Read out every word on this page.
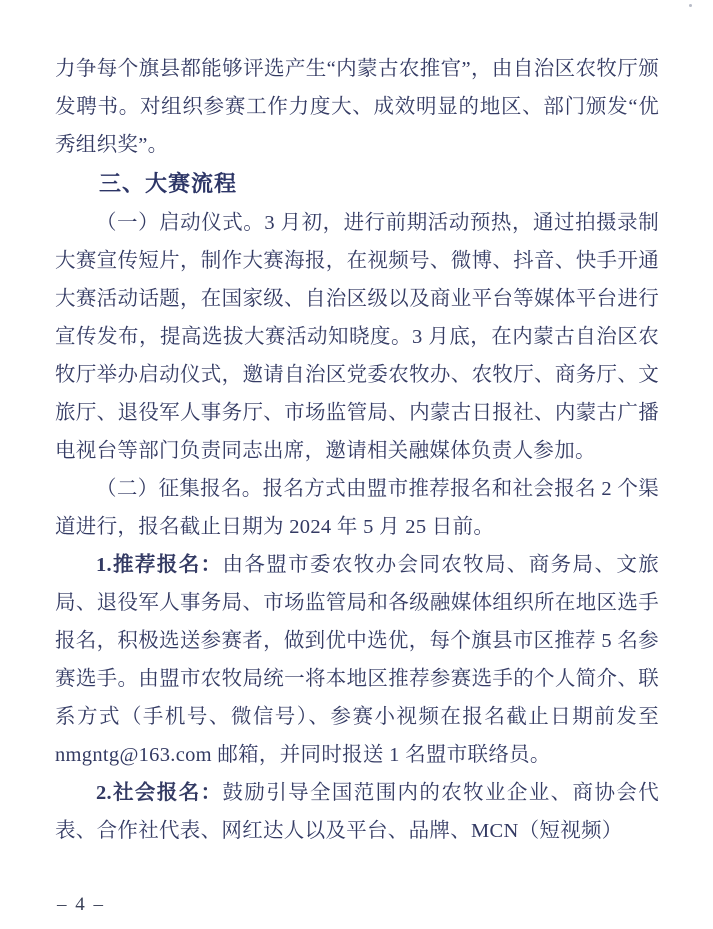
力争每个旗县都能够评选产生“内蒙古农推官”，由自治区农牧厅颁发聘书。对组织参赛工作力度大、成效明显的地区、部门颁发“优秀组织奖”。

三、大赛流程

（一）启动仪式。3 月初，进行前期活动预热，通过拍摄录制大赛宣传短片，制作大赛海报，在视频号、微博、抖音、快手开通大赛活动话题，在国家级、自治区级以及商业平台等媒体平台进行宣传发布，提高选拔大赛活动知晓度。3 月底，在内蒙古自治区农牧厅举办启动仪式，邀请自治区党委农牧办、农牧厅、商务厅、文旅厅、退役军人事务厅、市场监管局、内蒙古日报社、内蒙古广播电视台等部门负责同志出席，邀请相关融媒体负责人参加。

（二）征集报名。报名方式由盟市推荐报名和社会报名 2 个渠道进行，报名截止日期为 2024 年 5 月 25 日前。

1.推荐报名：由各盟市委农牧办会同农牧局、商务局、文旅局、退役军人事务局、市场监管局和各级融媒体组织所在地区选手报名，积极选送参赛者，做到优中选优，每个旗县市区推荐 5 名参赛选手。由盟市农牧局统一将本地区推荐参赛选手的个人简介、联系方式（手机号、微信号）、参赛小视频在报名截止日期前发至 nmgntg@163.com 邮箱，并同时报送 1 名盟市联络员。

2.社会报名：鼓励引导全国范围内的农牧业企业、商协会代表、合作社代表、网红达人以及平台、品牌、MCN（短视频）

– 4 –
